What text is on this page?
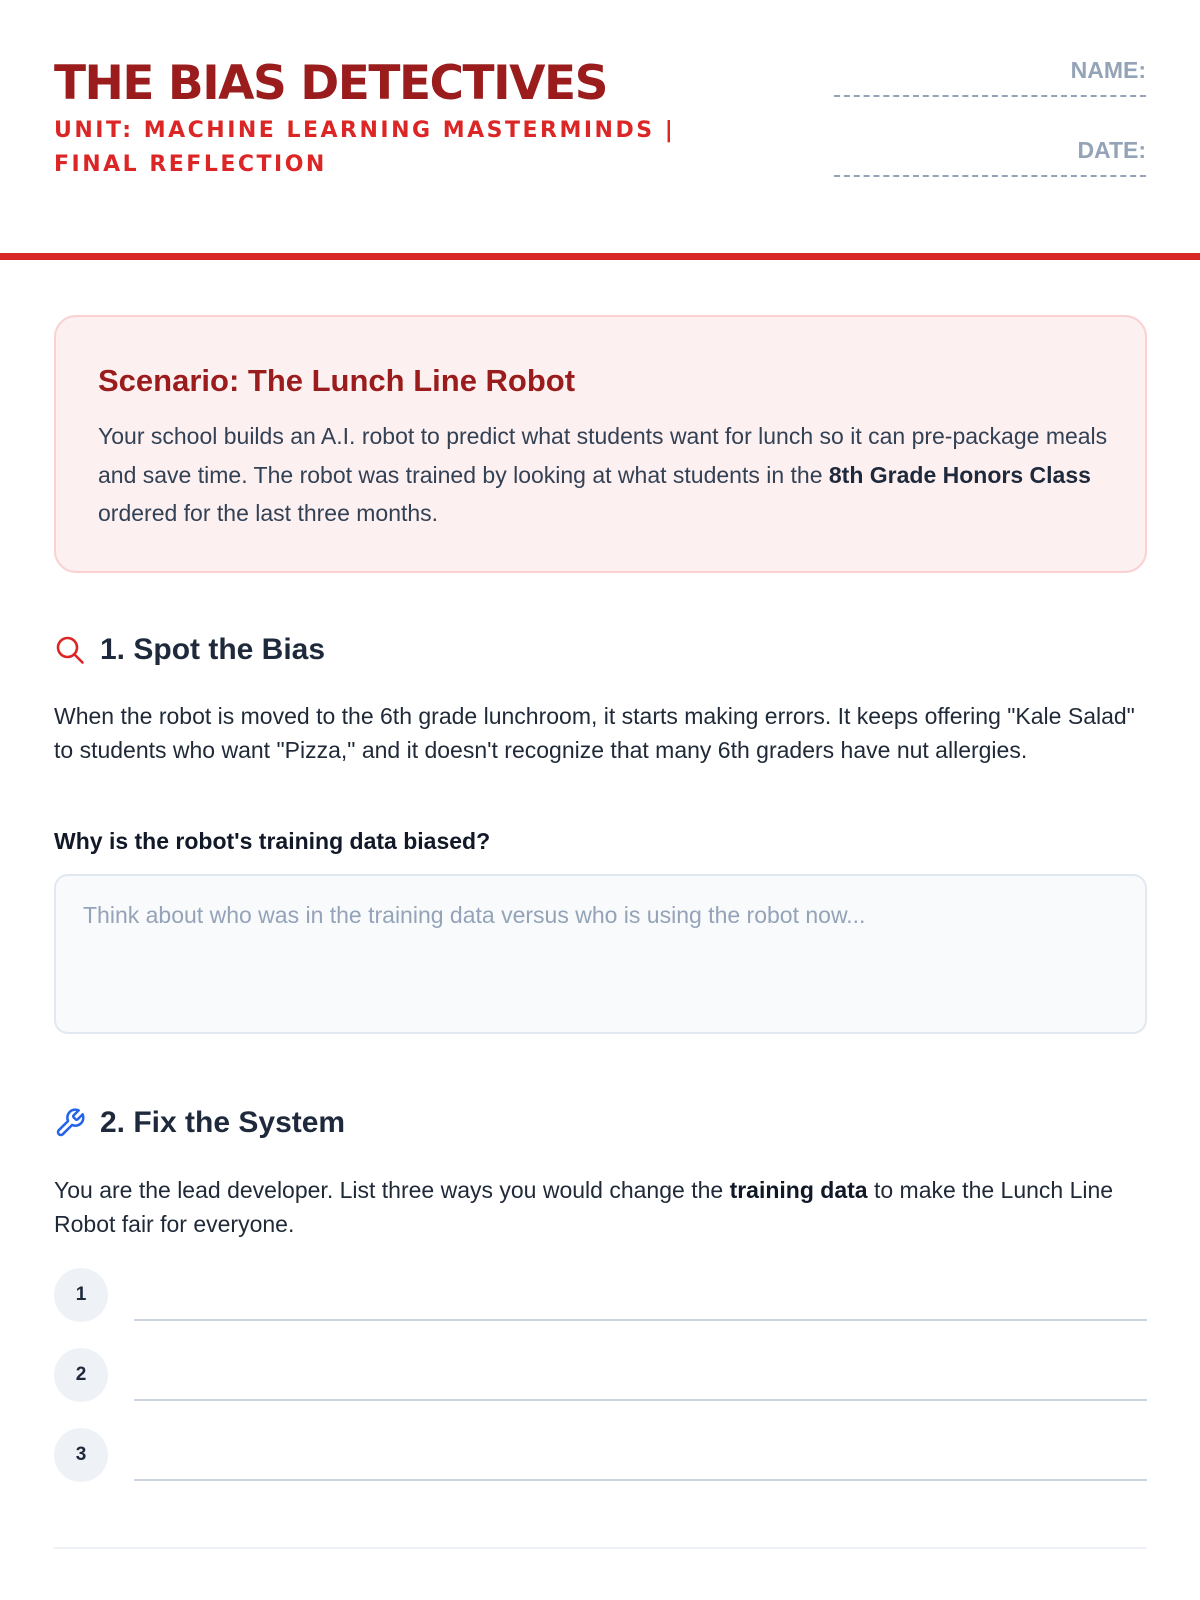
THE BIAS DETECTIVES
UNIT: MACHINE LEARNING MASTERMINDS | FINAL REFLECTION
NAME:
DATE:
Scenario: The Lunch Line Robot
Your school builds an A.I. robot to predict what students want for lunch so it can pre-package meals and save time. The robot was trained by looking at what students in the 8th Grade Honors Class ordered for the last three months.
1. Spot the Bias
When the robot is moved to the 6th grade lunchroom, it starts making errors. It keeps offering "Kale Salad" to students who want "Pizza," and it doesn't recognize that many 6th graders have nut allergies.
Why is the robot's training data biased?
Think about who was in the training data versus who is using the robot now...
2. Fix the System
You are the lead developer. List three ways you would change the training data to make the Lunch Line Robot fair for everyone.
1
2
3
